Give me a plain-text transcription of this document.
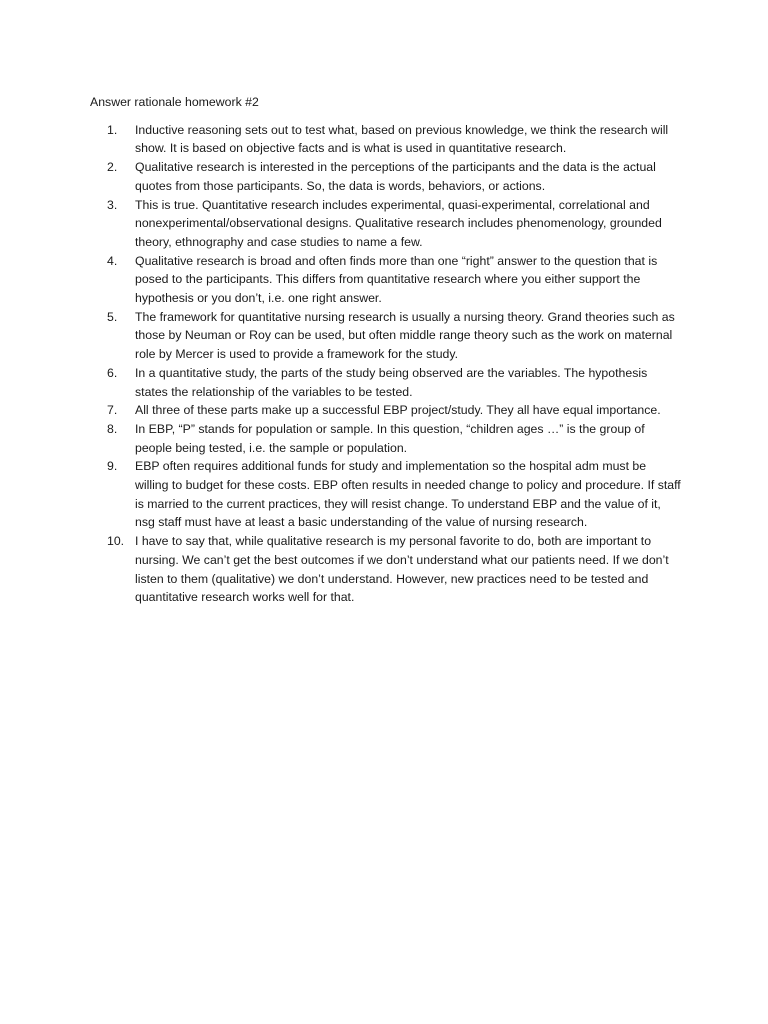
Answer rationale homework #2

1.	Inductive reasoning sets out to test what, based on previous knowledge, we think the research will show. It is based on objective facts and is what is used in quantitative research.
2.	Qualitative research is interested in the perceptions of the participants and the data is the actual quotes from those participants. So, the data is words, behaviors, or actions.
3.	This is true. Quantitative research includes experimental, quasi-experimental, correlational and nonexperimental/observational designs. Qualitative research includes phenomenology, grounded theory, ethnography and case studies to name a few.
4.	Qualitative research is broad and often finds more than one “right” answer to the question that is posed to the participants. This differs from quantitative research where you either support the hypothesis or you don’t, i.e. one right answer.
5.	The framework for quantitative nursing research is usually a nursing theory. Grand theories such as those by Neuman or Roy can be used, but often middle range theory such as the work on maternal role by Mercer is used to provide a framework for the study.
6.	In a quantitative study, the parts of the study being observed are the variables. The hypothesis states the relationship of the variables to be tested.
7.	All three of these parts make up a successful EBP project/study. They all have equal importance.
8.	In EBP, “P” stands for population or sample. In this question, “children ages …” is the group of people being tested, i.e. the sample or population.
9.	EBP often requires additional funds for study and implementation so the hospital adm must be willing to budget for these costs. EBP often results in needed change to policy and procedure. If staff is married to the current practices, they will resist change. To understand EBP and the value of it, nsg staff must have at least a basic understanding of the value of nursing research.
10. I have to say that, while qualitative research is my personal favorite to do, both are important to nursing. We can’t get the best outcomes if we don’t understand what our patients need. If we don’t listen to them (qualitative) we don’t understand. However, new practices need to be tested and quantitative research works well for that.
